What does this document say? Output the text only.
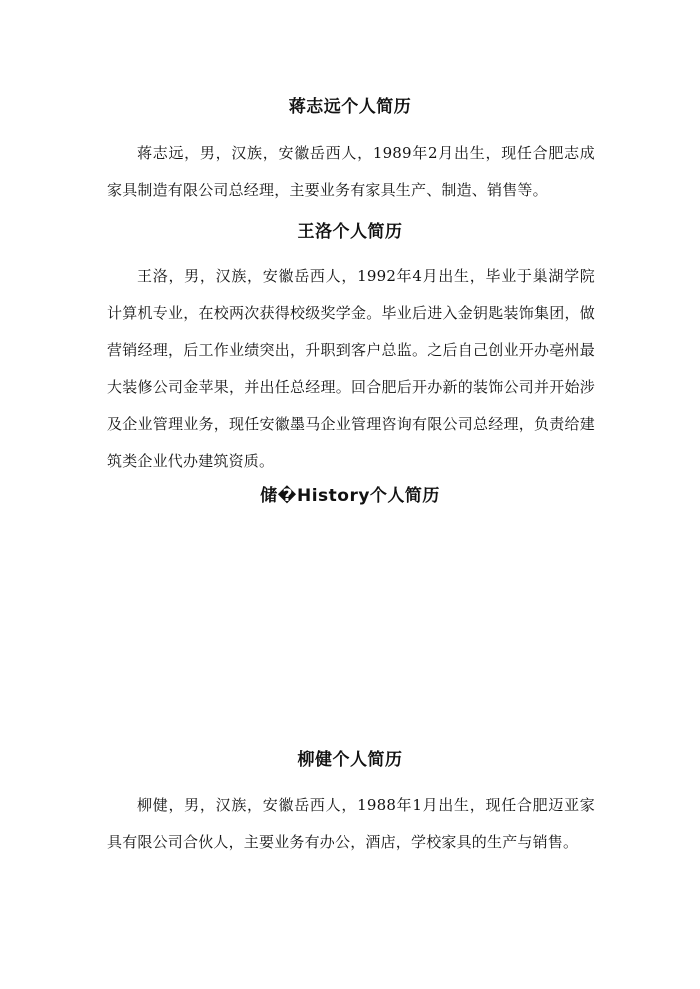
蒋志远个人简历

蒋志远，男，汉族，安徽岳西人，1989年2月出生，现任合肥志成家具制造有限公司总经理，主要业务有家具生产、制造、销售等。

王洛个人简历

王洛，男，汉族，安徽岳西人，1992年4月出生，毕业于巢湖学院计算机专业，在校两次获得校级奖学金。毕业后进入金钥匙装饰集团，做营销经理，后工作业绩突出，升职到客户总监。之后自己创业开办亳州最大装修公司金苹果，并出任总经理。回合肥后开办新的装饰公司并开始涉及企业管理业务，现任安徽墨马企业管理咨询有限公司总经理，负责给建筑类企业代办建筑资质。

储�History个人简历

柳健个人简历

柳健，男，汉族，安徽岳西人，1988年1月出生，现任合肥迈亚家具有限公司合伙人，主要业务有办公，酒店，学校家具的生产与销售。
